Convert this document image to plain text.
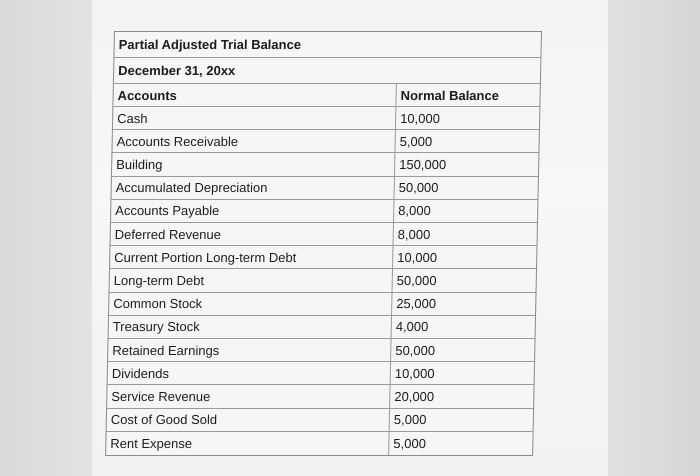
Partial Adjusted Trial Balance
December 31, 20xx
Accounts	Normal Balance
Cash	10,000
Accounts Receivable	5,000
Building	150,000
Accumulated Depreciation	50,000
Accounts Payable	8,000
Deferred Revenue	8,000
Current Portion Long-term Debt	10,000
Long-term Debt	50,000
Common Stock	25,000
Treasury Stock	4,000
Retained Earnings	50,000
Dividends	10,000
Service Revenue	20,000
Cost of Good Sold	5,000
Rent Expense	5,000
